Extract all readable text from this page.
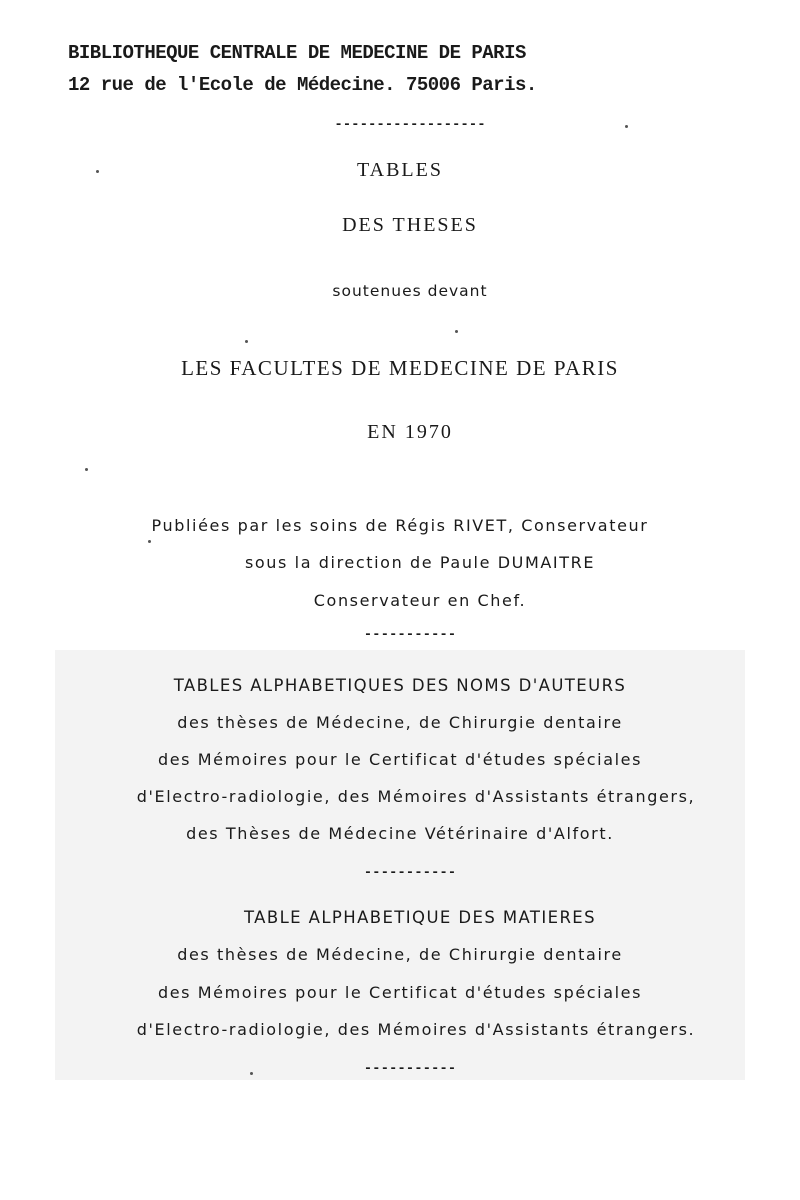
BIBLIOTHEQUE CENTRALE DE MEDECINE DE PARIS
12 rue de l'Ecole de Médecine. 75006 Paris.
------------------
TABLES
DES THESES
soutenues devant
LES FACULTES DE MEDECINE DE PARIS
EN 1970
Publiées par les soins de Régis RIVET, Conservateur
sous la direction de Paule DUMAITRE
Conservateur en Chef.
-----------
TABLES ALPHABETIQUES DES NOMS D'AUTEURS
des thèses de Médecine, de Chirurgie dentaire
des Mémoires pour le Certificat d'études spéciales
d'Electro-radiologie, des Mémoires d'Assistants étrangers,
des Thèses de Médecine Vétérinaire d'Alfort.
-----------
TABLE ALPHABETIQUE DES MATIERES
des thèses de Médecine, de Chirurgie dentaire
des Mémoires pour le Certificat d'études spéciales
d'Electro-radiologie, des Mémoires d'Assistants étrangers.
-----------
